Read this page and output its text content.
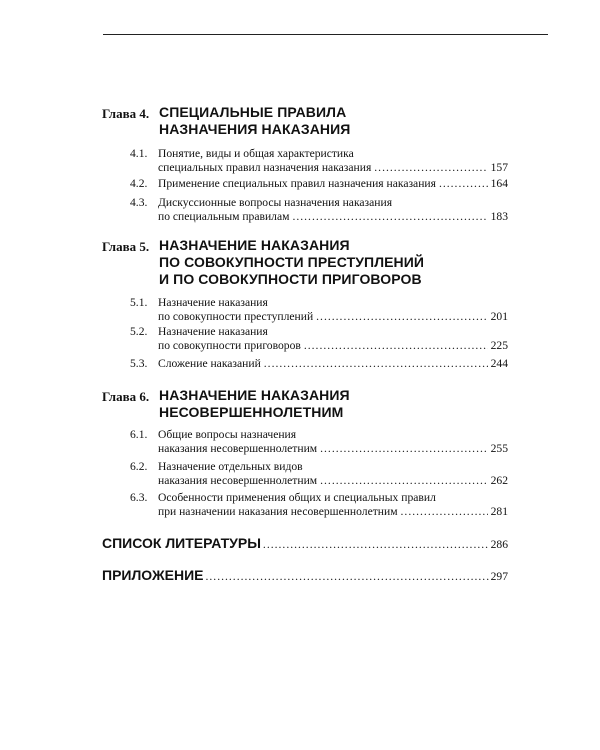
Глава 4. СПЕЦИАЛЬНЫЕ ПРАВИЛА
НАЗНАЧЕНИЯ НАКАЗАНИЯ
4.1. Понятие, виды и общая характеристика
специальных правил назначения наказания .....	157
4.2. Применение специальных правил назначения наказания .....	164
4.3. Дискуссионные вопросы назначения наказания
по специальным правилам .....	183
Глава 5. НАЗНАЧЕНИЕ НАКАЗАНИЯ
ПО СОВОКУПНОСТИ ПРЕСТУПЛЕНИЙ
И ПО СОВОКУПНОСТИ ПРИГОВОРОВ
5.1. Назначение наказания
по совокупности преступлений .....	201
5.2. Назначение наказания
по совокупности приговоров .....	225
5.3. Сложение наказаний .....	244
Глава 6. НАЗНАЧЕНИЕ НАКАЗАНИЯ
НЕСОВЕРШЕННОЛЕТНИМ
6.1. Общие вопросы назначения
наказания несовершеннолетним .....	255
6.2. Назначение отдельных видов
наказания несовершеннолетним .....	262
6.3. Особенности применения общих и специальных правил
при назначении наказания несовершеннолетним .....	281
СПИСОК ЛИТЕРАТУРЫ .....	286
ПРИЛОЖЕНИЕ .....	297
